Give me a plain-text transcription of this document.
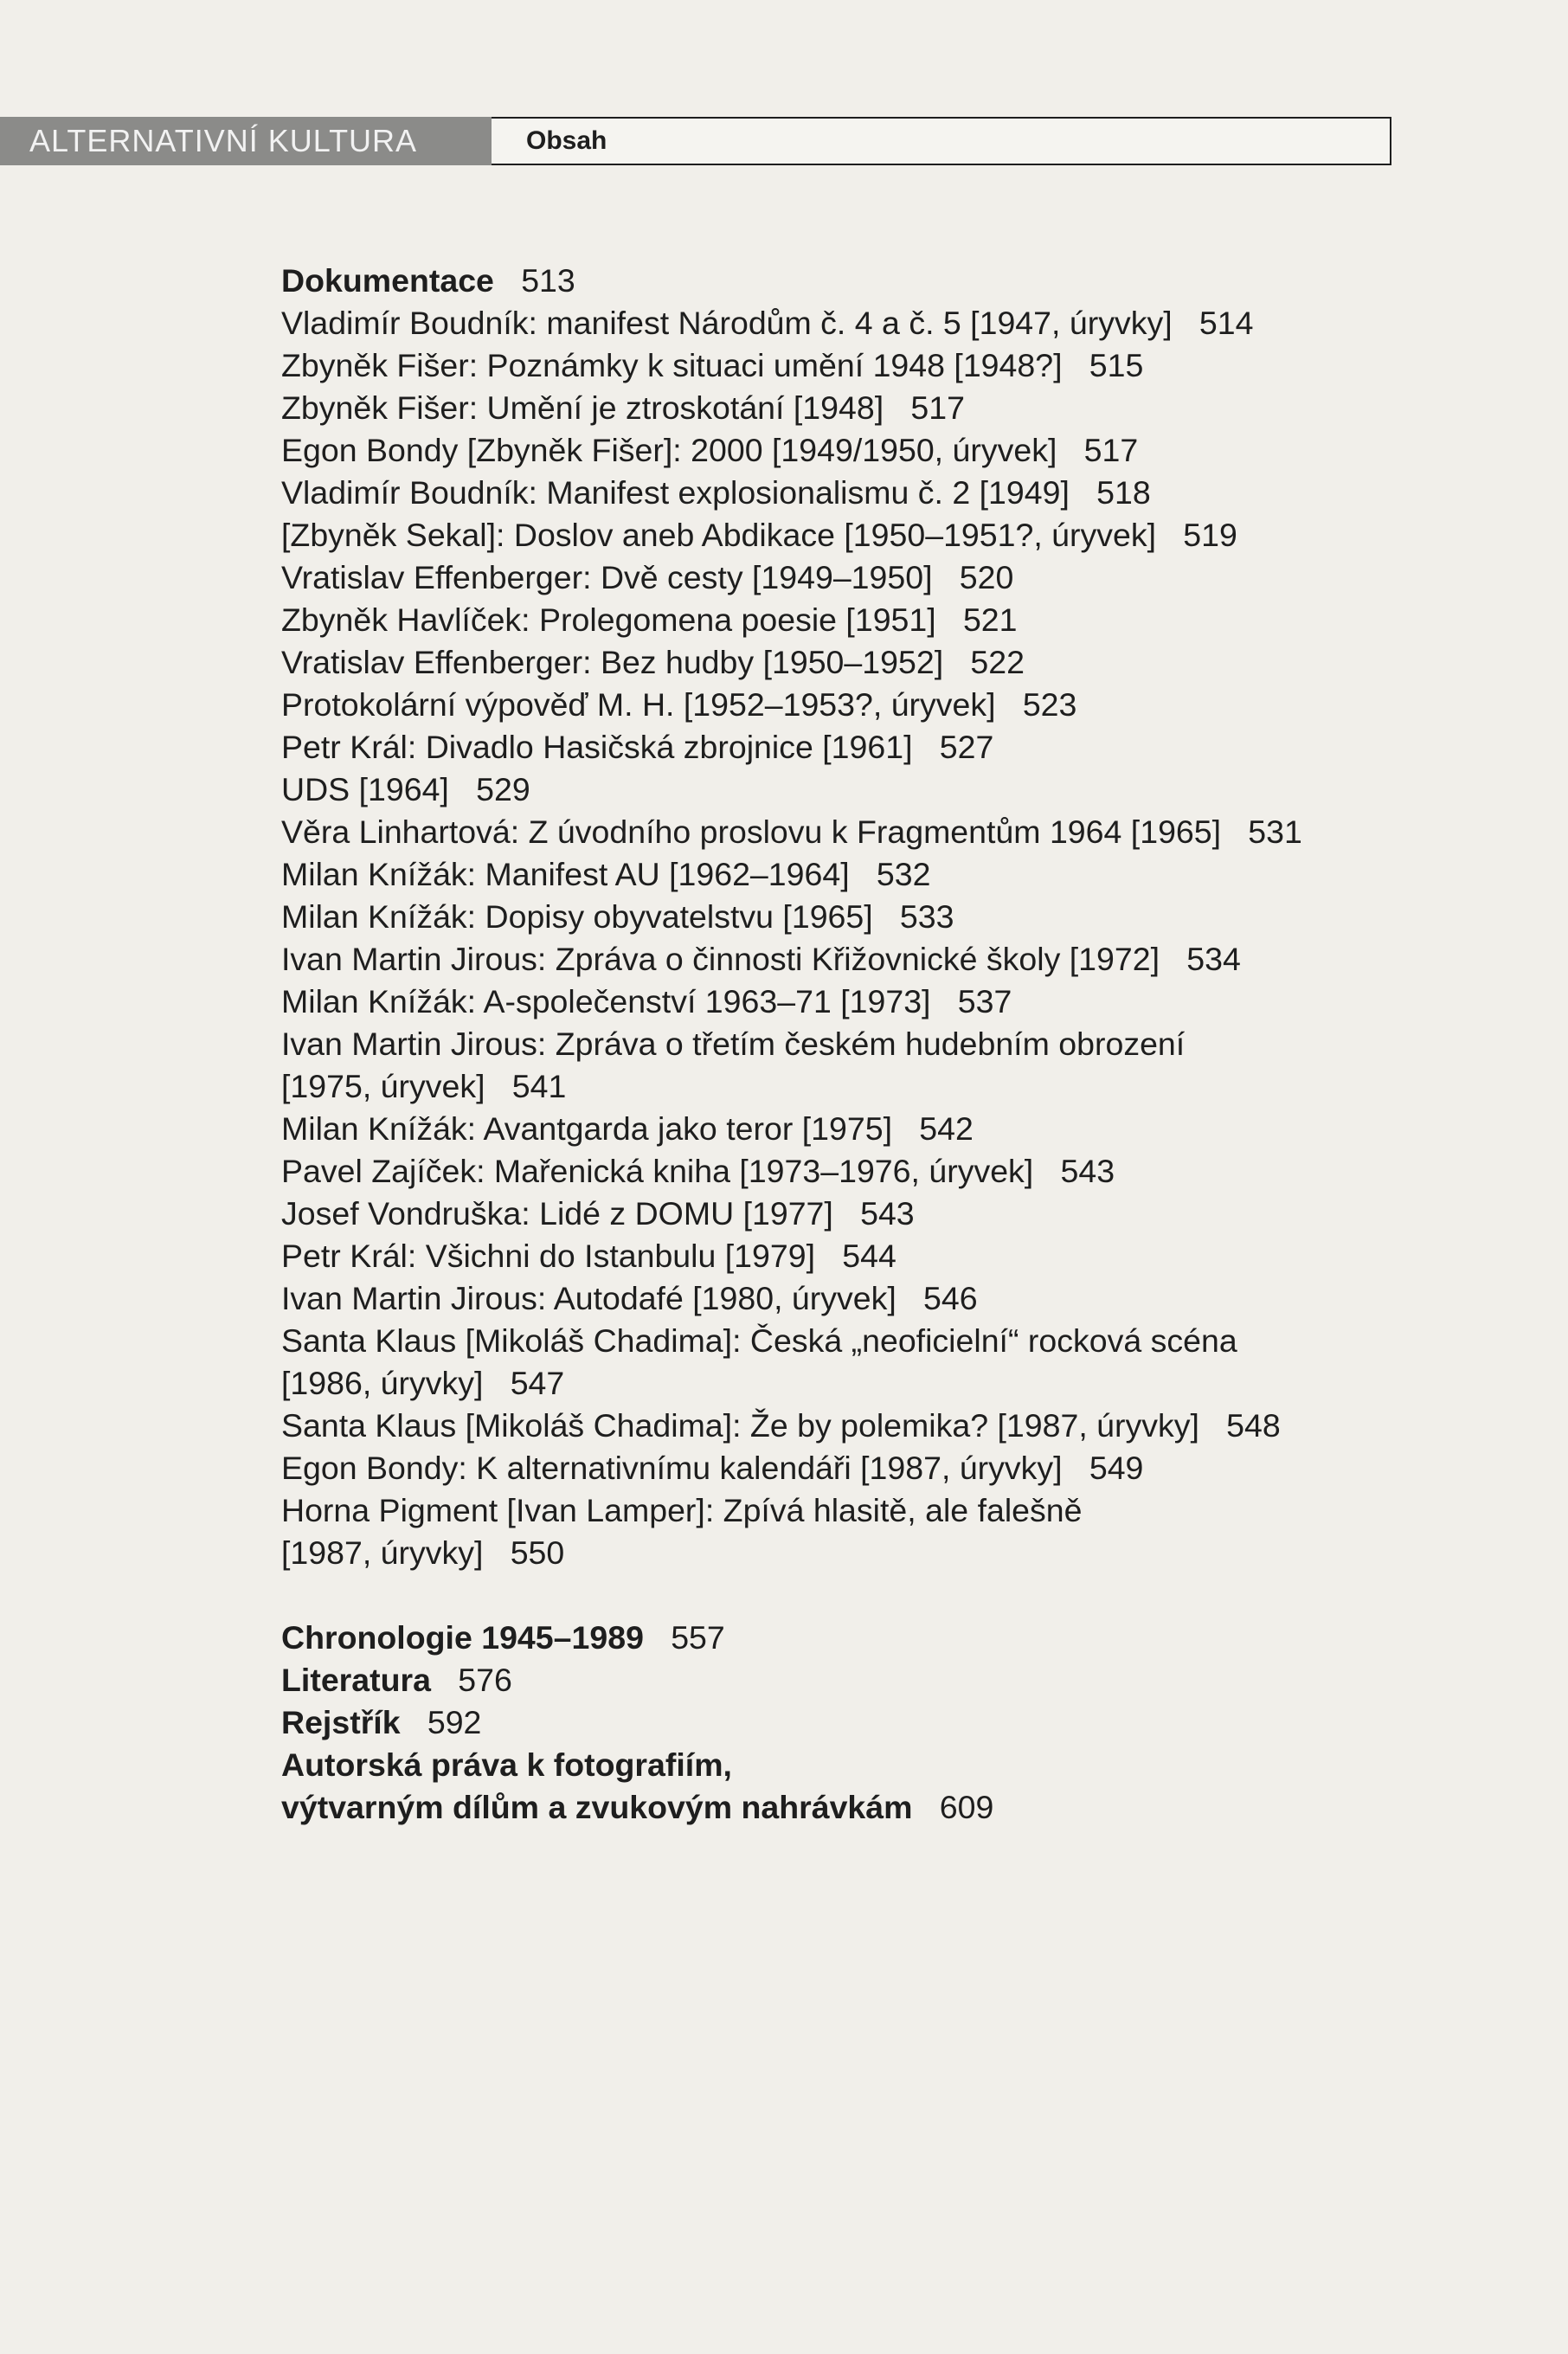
ALTERNATIVNÍ KULTURA	Obsah
Dokumentace 513
Vladimír Boudník: manifest Národům č. 4 a č. 5 [1947, úryvky]   514
Zbyněk Fišer: Poznámky k situaci umění 1948 [1948?]   515
Zbyněk Fišer: Umění je ztroskotání [1948]   517
Egon Bondy [Zbyněk Fišer]: 2000 [1949/1950, úryvek]   517
Vladimír Boudník: Manifest explosionalismu č. 2 [1949]   518
[Zbyněk Sekal]: Doslov aneb Abdikace [1950–1951?, úryvek]   519
Vratislav Effenberger: Dvě cesty [1949–1950]   520
Zbyněk Havlíček: Prolegomena poesie [1951]   521
Vratislav Effenberger: Bez hudby [1950–1952]   522
Protokolární výpověď M. H. [1952–1953?, úryvek]   523
Petr Král: Divadlo Hasičská zbrojnice [1961]   527
UDS [1964]   529
Věra Linhartová: Z úvodního proslovu k Fragmentům 1964 [1965]   531
Milan Knížák: Manifest AU [1962–1964]   532
Milan Knížák: Dopisy obyvatelstvu [1965]   533
Ivan Martin Jirous: Zpráva o činnosti Křižovnické školy [1972]   534
Milan Knížák: A-společenství 1963–71 [1973]   537
Ivan Martin Jirous: Zpráva o třetím českém hudebním obrození
[1975, úryvek]   541
Milan Knížák: Avantgarda jako teror [1975]   542
Pavel Zajíček: Mařenická kniha [1973–1976, úryvek]   543
Josef Vondruška: Lidé z DOMU [1977]   543
Petr Král: Všichni do Istanbulu [1979]   544
Ivan Martin Jirous: Autodafé [1980, úryvek]   546
Santa Klaus [Mikoláš Chadima]: Česká „neoficielní“ rocková scéna
[1986, úryvky]   547
Santa Klaus [Mikoláš Chadima]: Že by polemika? [1987, úryvky]   548
Egon Bondy: K alternativnímu kalendáři [1987, úryvky]   549
Horna Pigment [Ivan Lamper]: Zpívá hlasitě, ale falešně
[1987, úryvky]   550
Chronologie 1945–1989 557
Literatura 576
Rejstřík 592
Autorská práva k fotografiím,
výtvarným dílům a zvukovým nahrávkám 609
